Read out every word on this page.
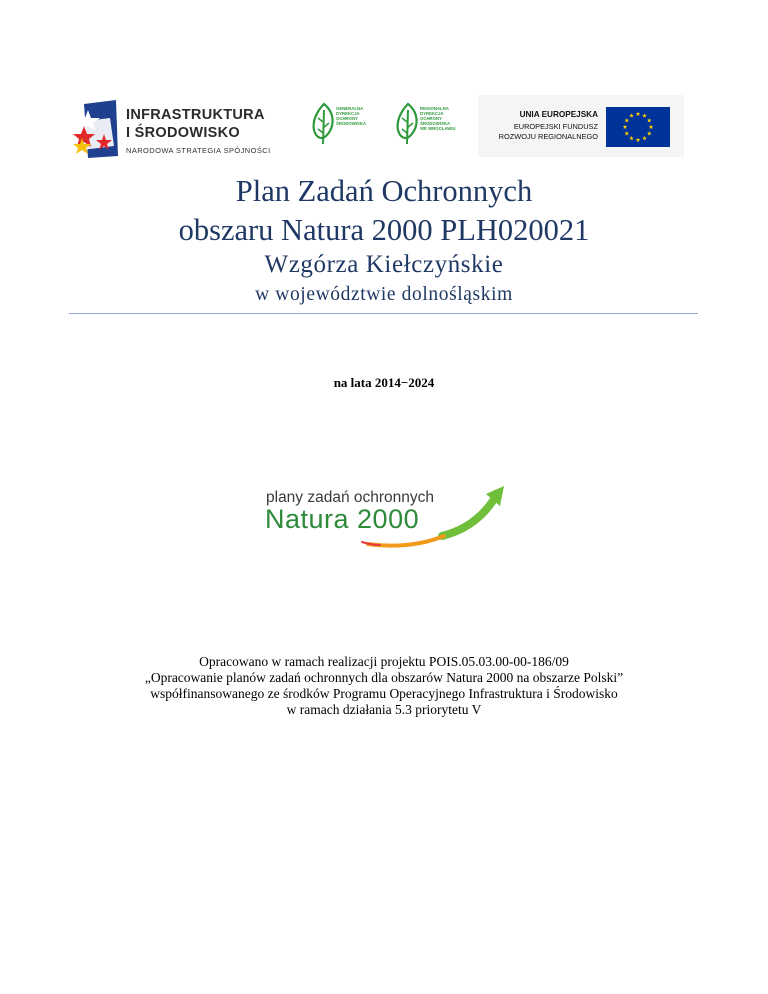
INFRASTRUKTURA
I ŚRODOWISKO
NARODOWA STRATEGIA SPÓJNOŚCI
GENERALNA
DYREKCJA
OCHRONY
ŚRODOWISKA
REGIONALNA
DYREKCJA
OCHRONY
ŚRODOWISKA
WE WROCŁAWIU
UNIA EUROPEJSKA
EUROPEJSKI FUNDUSZ
ROZWOJU REGIONALNEGO
Plan Zadań Ochronnych
obszaru Natura 2000 PLH020021
Wzgórza Kiełczyńskie
w województwie dolnośląskim
na lata 2014−2024
plany zadań ochronnych
Natura 2000
Opracowano w ramach realizacji projektu POIS.05.03.00-00-186/09
„Opracowanie planów zadań ochronnych dla obszarów Natura 2000 na obszarze Polski”
współfinansowanego ze środków Programu Operacyjnego Infrastruktura i Środowisko
w ramach działania 5.3 priorytetu V
